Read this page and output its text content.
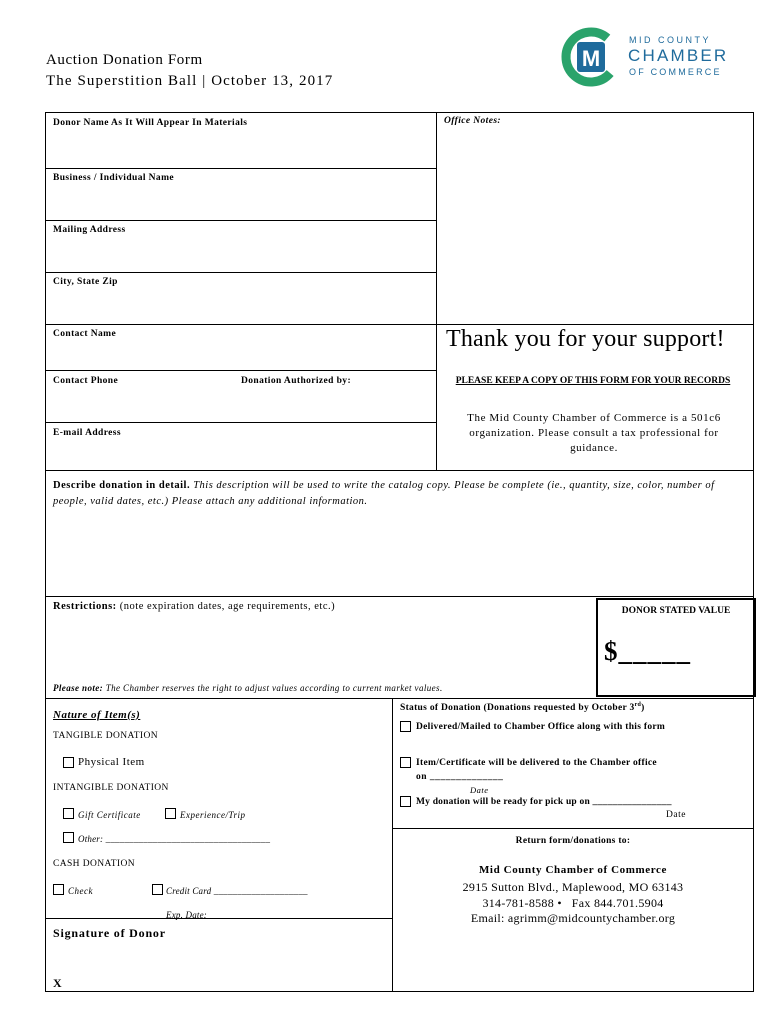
Auction Donation Form
The Superstition Ball | October 13, 2017
M
MID COUNTY
CHAMBER
OF COMMERCE
Donor Name As It Will Appear In Materials
Business / Individual Name
Mailing Address
City, State Zip
Contact Name
Contact Phone	Donation Authorized by:
E-mail Address
Office Notes:
Thank you for your support!
PLEASE KEEP A COPY OF THIS FORM FOR YOUR RECORDS
The Mid County Chamber of Commerce is a 501c6 organization. Please consult a tax professional for guidance.
Describe donation in detail. This description will be used to write the catalog copy. Please be complete (ie., quantity, size, color, number of people, valid dates, etc.) Please attach any additional information.
Restrictions: (note expiration dates, age requirements, etc.)
Please note: The Chamber reserves the right to adjust values according to current market values.
DONOR STATED VALUE
$_____
Nature of Item(s)
TANGIBLE DONATION
Physical Item
INTANGIBLE DONATION
Gift Certificate	Experience/Trip
Other: ___________________________________
CASH DONATION
Check	Credit Card ____________________
Exp. Date: ___________________
Signature of Donor
X
Status of Donation (Donations requested by October 3rd)
Delivered/Mailed to Chamber Office along with this form
Item/Certificate will be delivered to the Chamber office
on ______________
Date
My donation will be ready for pick up on ________________
Date
Return form/donations to:
Mid County Chamber of Commerce
2915 Sutton Blvd., Maplewood, MO 63143
314-781-8588 • Fax 844.701.5904
Email: agrimm@midcountychamber.org
